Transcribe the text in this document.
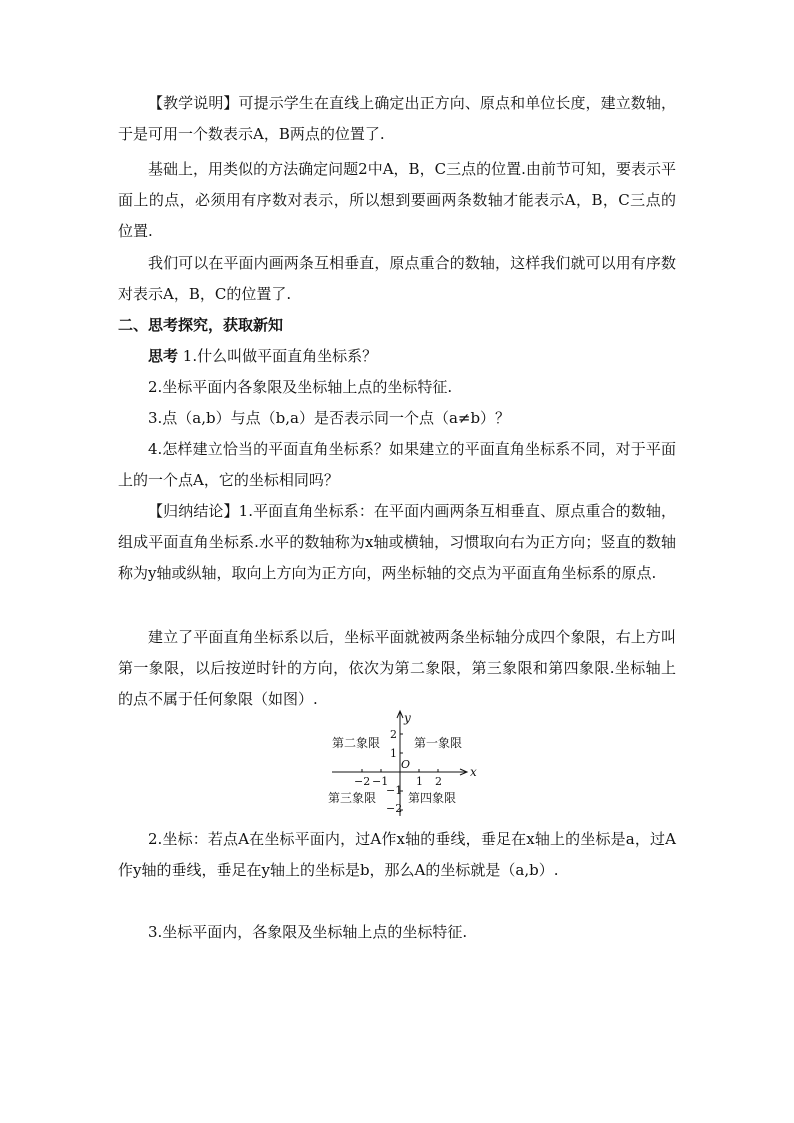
【教学说明】可提示学生在直线上确定出正方向、原点和单位长度，建立数轴，于是可用一个数表示A，B两点的位置了.

基础上，用类似的方法确定问题2中A，B，C三点的位置.由前节可知，要表示平面上的点，必须用有序数对表示，所以想到要画两条数轴才能表示A，B，C三点的位置.

我们可以在平面内画两条互相垂直，原点重合的数轴，这样我们就可以用有序数对表示A，B，C的位置了.

二、思考探究，获取新知

思考 1.什么叫做平面直角坐标系？

2.坐标平面内各象限及坐标轴上点的坐标特征.

3.点（a,b）与点（b,a）是否表示同一个点（a≠b）？

4.怎样建立恰当的平面直角坐标系？如果建立的平面直角坐标系不同，对于平面上的一个点A，它的坐标相同吗？

【归纳结论】1.平面直角坐标系：在平面内画两条互相垂直、原点重合的数轴，组成平面直角坐标系.水平的数轴称为x轴或横轴，习惯取向右为正方向；竖直的数轴称为y轴或纵轴，取向上方向为正方向，两坐标轴的交点为平面直角坐标系的原点.

建立了平面直角坐标系以后，坐标平面就被两条坐标轴分成四个象限，右上方叫第一象限，以后按逆时针的方向，依次为第二象限，第三象限和第四象限.坐标轴上的点不属于任何象限（如图）.

x
y
O
−2 −1	1 2
2
1
−1
−2
第一象限
第二象限
第三象限	第四象限

2.坐标：若点A在坐标平面内，过A作x轴的垂线，垂足在x轴上的坐标是a，过A作y轴的垂线，垂足在y轴上的坐标是b，那么A的坐标就是（a,b）.

3.坐标平面内，各象限及坐标轴上点的坐标特征.
